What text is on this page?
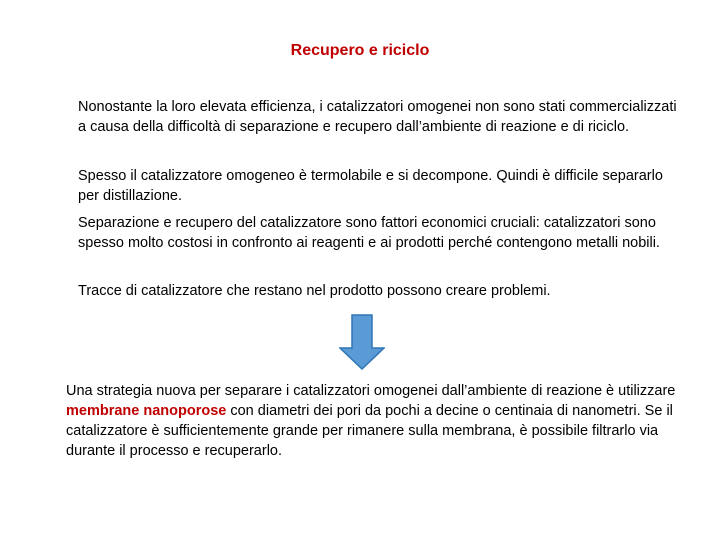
Recupero e riciclo

Nonostante la loro elevata efficienza, i catalizzatori omogenei non sono stati commercializzati a causa della difficoltà di separazione e recupero dall’ambiente di reazione e di riciclo.

Spesso il catalizzatore omogeneo è termolabile e si decompone. Quindi è difficile separarlo per distillazione.

Separazione e recupero del catalizzatore sono fattori economici cruciali: catalizzatori sono spesso molto costosi in confronto ai reagenti e ai prodotti perché contengono metalli nobili.

Tracce di catalizzatore che restano nel prodotto possono creare problemi.

Una strategia nuova per separare i catalizzatori omogenei dall’ambiente di reazione è utilizzare membrane nanoporose con diametri dei pori da pochi a decine o centinaia di nanometri. Se il catalizzatore è sufficientemente grande per rimanere sulla membrana, è possibile filtrarlo via durante il processo e recuperarlo.
